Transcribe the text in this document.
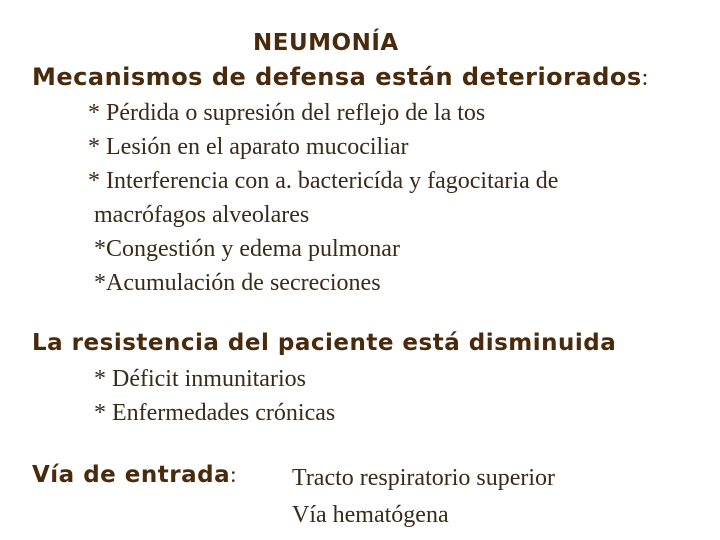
NEUMONÍA
Mecanismos de defensa están deteriorados:
* Pérdida o supresión del reflejo de la tos
* Lesión en el aparato mucociliar
* Interferencia con a. bactericída y fagocitaria de
macrófagos alveolares
*Congestión y edema pulmonar
*Acumulación de secreciones
La resistencia del paciente está disminuida
* Déficit inmunitarios
* Enfermedades crónicas
Vía de entrada: Tracto respiratorio superior
Vía hematógena
